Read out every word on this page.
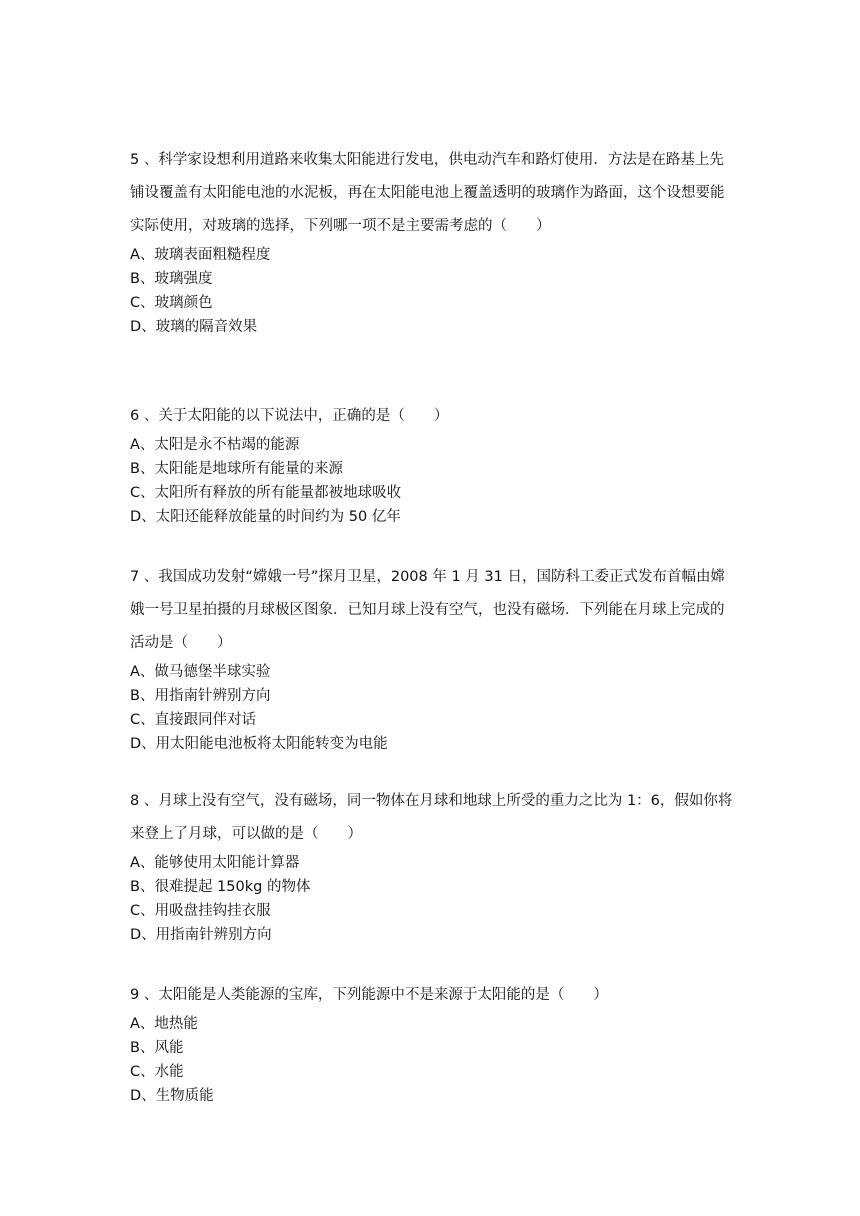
5 、科学家设想利用道路来收集太阳能进行发电，供电动汽车和路灯使用．方法是在路基上先铺设覆盖有太阳能电池的水泥板，再在太阳能电池上覆盖透明的玻璃作为路面，这个设想要能实际使用，对玻璃的选择，下列哪一项不是主要需考虑的（　　）

A、玻璃表面粗糙程度
B、玻璃强度
C、玻璃颜色
D、玻璃的隔音效果

6 、关于太阳能的以下说法中，正确的是（　　）

A、太阳是永不枯竭的能源
B、太阳能是地球所有能量的来源
C、太阳所有释放的所有能量都被地球吸收
D、太阳还能释放能量的时间约为 50 亿年

7 、我国成功发射“嫦娥一号”探月卫星，2008 年 1 月 31 日，国防科工委正式发布首幅由嫦娥一号卫星拍摄的月球极区图象．已知月球上没有空气，也没有磁场．下列能在月球上完成的活动是（　　）

A、做马德堡半球实验
B、用指南针辨别方向
C、直接跟同伴对话
D、用太阳能电池板将太阳能转变为电能

8 、月球上没有空气，没有磁场，同一物体在月球和地球上所受的重力之比为 1：6，假如你将来登上了月球，可以做的是（　　）

A、能够使用太阳能计算器
B、很难提起 150kg 的物体
C、用吸盘挂钩挂衣服
D、用指南针辨别方向

9 、太阳能是人类能源的宝库，下列能源中不是来源于太阳能的是（　　）

A、地热能
B、风能
C、水能
D、生物质能
